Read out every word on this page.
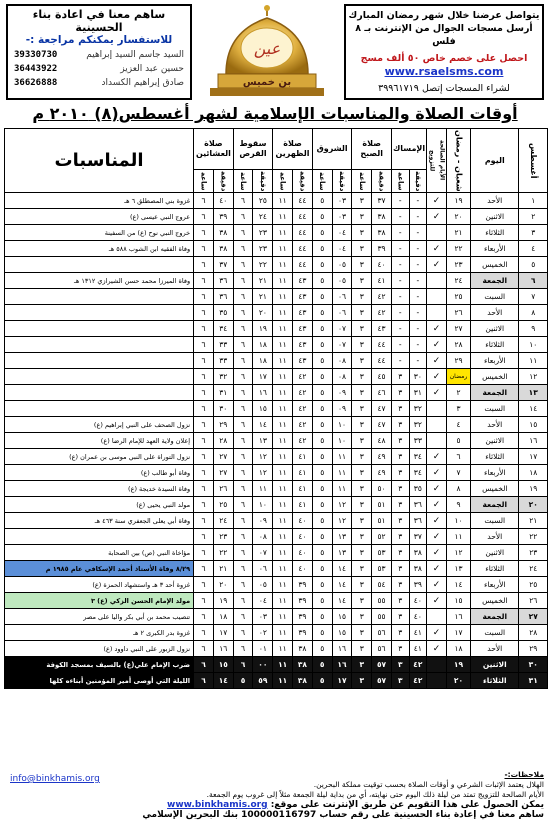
ساهم معنا في اعادة بناء الحسينية
للاستفسار يمكنكم مراجعة :-
39330730	السيد جاسم السيد إبراهيم
36443922	حسين عبد العزيز
36626888	صادق إبراهيم الكسداد
عين
بن خميس
يتواصل عرضنا خلال شهر رمضان المبارك
أرسل مسجات الجوال من الإنترنت بـ ٨ فلس
احصل على خصم خاص ٥٠ ألف مسج
www.rsaelsms.com
لشراء المسجات إتصل ٣٩٩٦١٧١٩
أوقات الصلاة والمناسبات الإسلامية لشهر أغسطس(٨) ٢٠١٠ م
أغسطس	اليوم	شعبان - رمضان	الأيام الصالحة للتزويج	الإمساك		صلاة الصبح		الشروق		صلاة الظهرين		سقوط القرص		صلاة العشائين		المناسبات
				دقيقة	ساعة	دقيقة	ساعة	دقيقة	ساعة	دقيقة	ساعة	دقيقة	ساعة	دقيقة	ساعة	
١	الأحد	١٩	✓	-	-	٣٧	٣	٠٣	٥	٤٤	١١	٢٥	٦	٤٠	٦	غزوة بني المصطلق ٦ هـ
٢	الاثنين	٢٠	✓	-	-	٣٨	٣	٠٣	٥	٤٤	١١	٢٤	٦	٣٩	٦	عروج النبي عيسى (ع)
٣	الثلاثاء	٢١		-	-	٣٨	٣	٠٤	٥	٤٤	١١	٢٣	٦	٣٨	٦	خروج النبي نوح (ع) من السفينة
٤	الأربعاء	٢٢	✓	-	-	٣٩	٣	٠٤	٥	٤٤	١١	٢٣	٦	٣٨	٦	وفاة الفقيه ابن الشوب ٥٨٨ هـ
٥	الخميس	٢٣	✓	-	-	٤٠	٣	٠٥	٥	٤٤	١١	٢٢	٦	٣٧	٦	
٦	الجمعة	٢٤		-	-	٤١	٣	٠٥	٥	٤٣	١١	٢١	٦	٣٦	٦	وفاة الميرزا محمد حسن الشيرازي ١٣١٢ هـ
٧	السبت	٢٥		-	-	٤٢	٣	٠٦	٥	٤٣	١١	٢١	٦	٣٦	٦	
٨	الأحد	٢٦		-	-	٤٢	٣	٠٦	٥	٤٣	١١	٢٠	٦	٣٥	٦	
٩	الاثنين	٢٧	✓	-	-	٤٣	٣	٠٧	٥	٤٣	١١	١٩	٦	٣٤	٦	
١٠	الثلاثاء	٢٨	✓	-	-	٤٤	٣	٠٧	٥	٤٣	١١	١٨	٦	٣٣	٦	
١١	الأربعاء	٢٩	✓	-	-	٤٤	٣	٠٨	٥	٤٣	١١	١٨	٦	٣٣	٦	
١٢	الخميس	رمضان	✓	٣٠	٣	٤٥	٣	٠٨	٥	٤٢	١١	١٧	٦	٣٢	٦	
١٣	الجمعة	٢	✓	٣١	٣	٤٦	٣	٠٩	٥	٤٢	١١	١٦	٦	٣١	٦	
١٤	السبت	٣		٣٢	٣	٤٧	٣	٠٩	٥	٤٢	١١	١٥	٦	٣٠	٦	
١٥	الأحد	٤		٣٢	٣	٤٧	٣	١٠	٥	٤٢	١١	١٤	٦	٢٩	٦	نزول الصحف على النبي إبراهيم (ع)
١٦	الاثنين	٥		٣٣	٣	٤٨	٣	١٠	٥	٤٢	١١	١٣	٦	٢٨	٦	إعلان ولاية العهد للإمام الرضا (ع)
١٧	الثلاثاء	٦	✓	٣٤	٣	٤٩	٣	١١	٥	٤١	١١	١٢	٦	٢٧	٦	نزول التوراة على النبي موسى بن عمران (ع)
١٨	الأربعاء	٧	✓	٣٤	٣	٤٩	٣	١١	٥	٤١	١١	١٢	٦	٢٧	٦	وفاة أبو طالب (ع)
١٩	الخميس	٨	✓	٣٥	٣	٥٠	٣	١١	٥	٤١	١١	١١	٦	٢٦	٦	وفاة السيدة خديجة (ع)
٢٠	الجمعة	٩	✓	٣٦	٣	٥١	٣	١٢	٥	٤١	١١	١٠	٦	٢٥	٦	مولد النبي يحيى (ع)
٢١	السبت	١٠	✓	٣٦	٣	٥١	٣	١٢	٥	٤٠	١١	٠٩	٦	٢٤	٦	وفاة أبي يعلى الجعفري سنة ٤٦٣ هـ
٢٢	الأحد	١١	✓	٣٧	٣	٥٢	٣	١٣	٥	٤٠	١١	٠٨	٦	٢٣	٦	
٢٣	الاثنين	١٢	✓	٣٨	٣	٥٣	٣	١٣	٥	٤٠	١١	٠٧	٦	٢٢	٦	مؤاخاة النبي (ص) بين الصحابة
٢٤	الثلاثاء	١٣	✓	٣٨	٣	٥٣	٣	١٤	٥	٤٠	١١	٠٦	٦	٢١	٦	٨/٢٩ وفاة الأستاذ أحمد الإسكافي عام ١٩٨٥ م
٢٥	الأربعاء	١٤	✓	٣٩	٣	٥٤	٣	١٤	٥	٣٩	١١	٠٥	٦	٢٠	٦	غزوة أحد ٣ هـ واستشهاد الحمزة (ع)
٢٦	الخميس	١٥	✓	٤٠	٣	٥٥	٣	١٤	٥	٣٩	١١	٠٤	٦	١٩	٦	مولد الإمام الحسن الزكي (ع) ٣
٢٧	الجمعة	١٦		٤٠	٣	٥٥	٣	١٥	٥	٣٩	١١	٠٣	٦	١٨	٦	تنصيب محمد بن أبي بكر واليا على مصر
٢٨	السبت	١٧	✓	٤١	٣	٥٦	٣	١٥	٥	٣٩	١١	٠٢	٦	١٧	٦	غزوة بدر الكبرى ٢ هـ
٢٩	الأحد	١٨	✓	٤١	٣	٥٦	٣	١٦	٥	٣٨	١١	٠١	٦	١٦	٦	نزول الزبور على النبي داوود (ع)
٣٠	الاثنين	١٩		٤٢	٣	٥٧	٣	١٦	٥	٣٨	١١	٠٠	٦	١٥	٦	ضرب الإمام علي(ع) بالسيف بمسجد الكوفة
٣١	الثلاثاء	٢٠		٤٢	٣	٥٧	٣	١٧	٥	٣٨	١١	٥٩	٥	١٤	٦	الليلة التي أوصى أمير المؤمنين أبناءه كلها
info@binkhamis.org	ملاحظات:-
الهلال يعتمد الإثبات الشرعي و أوقات الصلاة بحسب توقيت مملكة البحرين.
الأيام الصالحة للتزويج تمتد من ليلة ذلك اليوم حتى نهايته، أي من بداية ليلة الجمعة مثلاً إلى غروب يوم الجمعة.
يمكن الحصول على هذا التقويم عن طريق الإنترنت على موقع: www.binkhamis.org
ساهم معنا في إعادة بناء الحسينية على رقم حساب 100000116797 بنك البحرين الإسلامي
